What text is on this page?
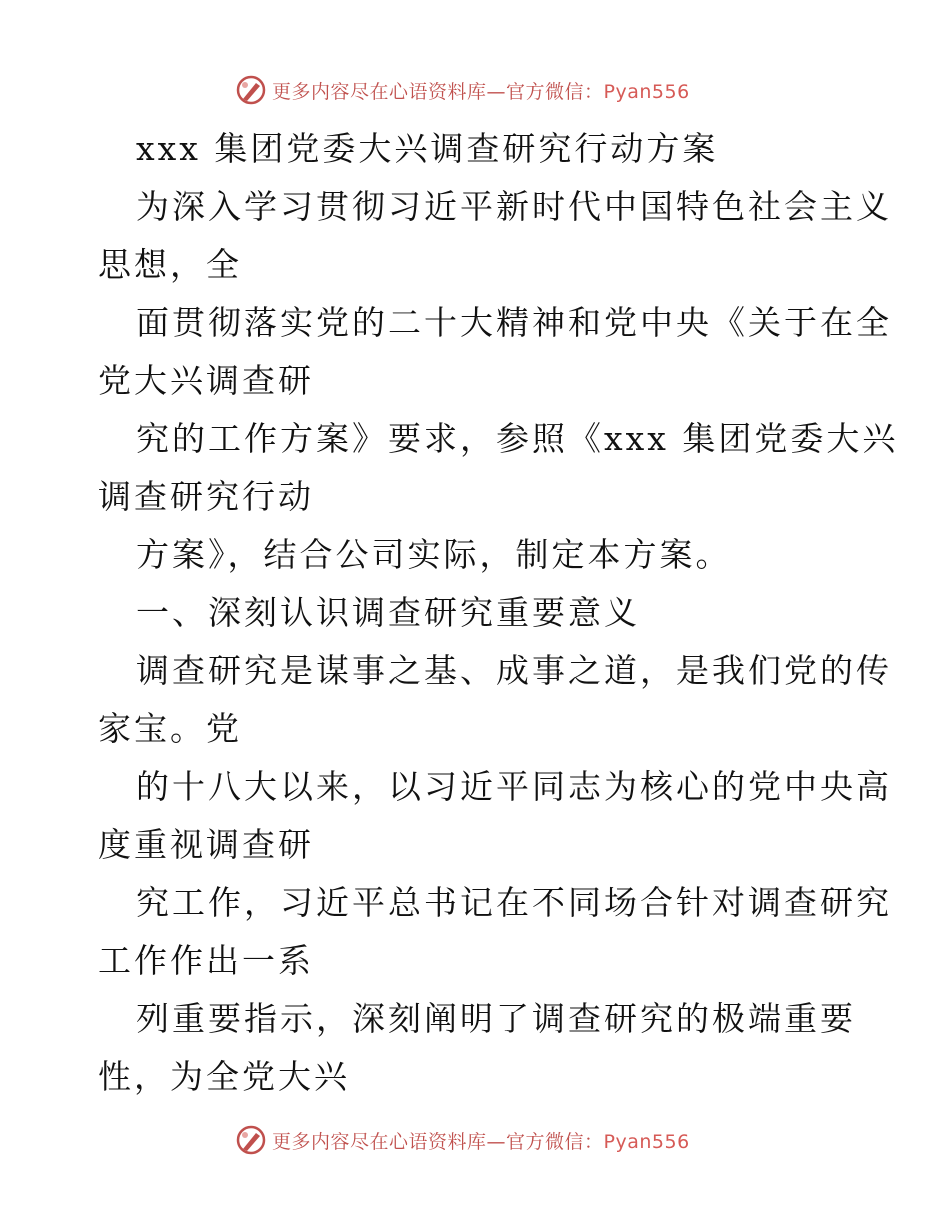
更多内容尽在心语资料库—官方微信：Pyan556
xxx 集团党委大兴调查研究行动方案
为深入学习贯彻习近平新时代中国特色社会主义
思想，全
面贯彻落实党的二十大精神和党中央《关于在全
党大兴调查研
究的工作方案》要求，参照《xxx 集团党委大兴
调查研究行动
方案》，结合公司实际，制定本方案。
一、深刻认识调查研究重要意义
调查研究是谋事之基、成事之道，是我们党的传
家宝。党
的十八大以来，以习近平同志为核心的党中央高
度重视调查研
究工作，习近平总书记在不同场合针对调查研究
工作作出一系
列重要指示，深刻阐明了调查研究的极端重要
性，为全党大兴
更多内容尽在心语资料库—官方微信：Pyan556
